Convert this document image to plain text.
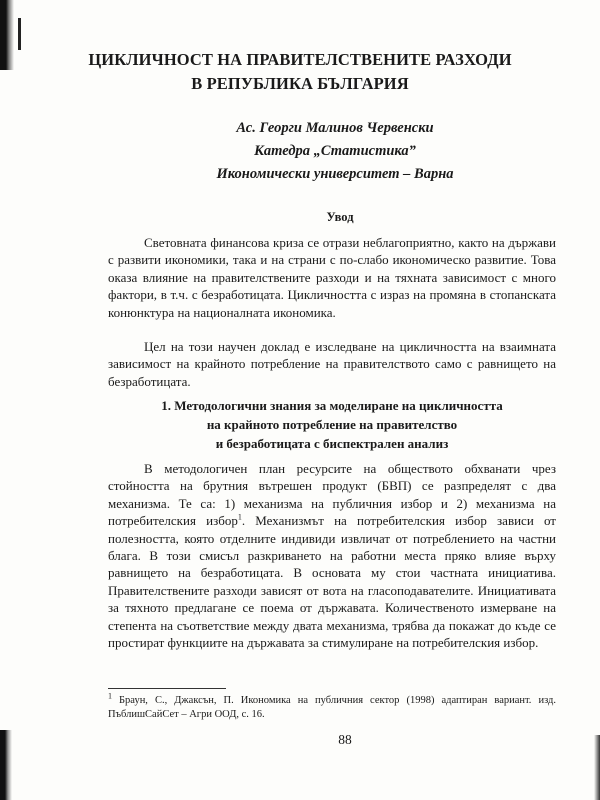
ЦИКЛИЧНОСТ НА ПРАВИТЕЛСТВЕНИТЕ РАЗХОДИ
В РЕПУБЛИКА БЪЛГАРИЯ
Ас. Георги Малинов Червенски
Катедра „Статистика”
Икономически университет – Варна
Увод

Световната финансова криза се отрази неблагоприятно, както на държави с развити икономики, така и на страни с по-слабо икономическо развитие. Това оказа влияние на правителствените разходи и на тяхната зависимост с много фактори, в т.ч. с безработицата. Цикличността с израз на промяна в стопанската конюнктура на националната икономика.

Цел на този научен доклад е изследване на цикличността на взаимната зависимост на крайното потребление на правителството само с равнището на безработицата.

1. Методологични знания за моделиране на цикличността
на крайното потребление на правителство
и безработицата с биспектрален анализ

В методологичен план ресурсите на обществото обхванати чрез стойността на брутния вътрешен продукт (БВП) се разпределят с два механизма. Те са: 1) механизма на публичния избор и 2) механизма на потребителския избор$^1$. Механизмът на потребителския избор зависи от полезността, която отделните индивиди извличат от потреблението на частни блага. В този смисъл разкриването на работни места пряко влияе върху равнището на безработицата. В основата му стои частната инициатива. Правителствените разходи зависят от вота на гласоподавателите. Инициативата за тяхното предлагане се поема от държавата. Количественото измерване на степента на съответствие между двата механизма, трябва да покажат до къде се простират функциите на държавата за стимулиране на потребителския избор.

$^1$ Браун, С., Джаксън, П. Икономика на публичния сектор (1998) адаптиран вариант. изд. ПъблишСайСет – Агри ООД, с. 16.
88
